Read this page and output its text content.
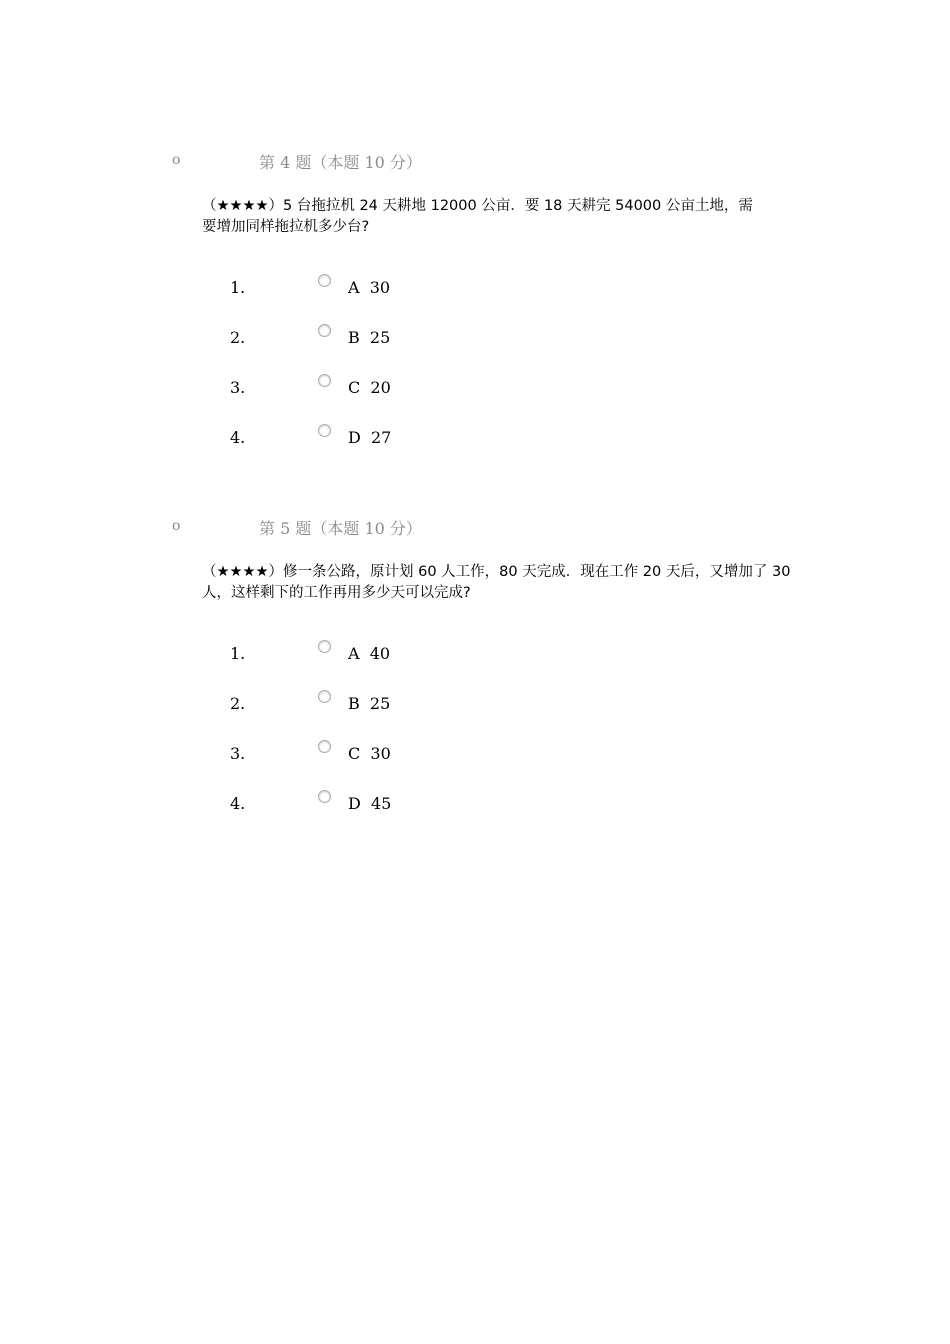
o	第 4 题（本题 10 分）
（★★★★）5 台拖拉机 24 天耕地 12000 公亩．要 18 天耕完 54000 公亩土地，需
要增加同样拖拉机多少台?
1.	A  30
2.	B  25
3.	C  20
4.	D  27
o	第 5 题（本题 10 分）
（★★★★）修一条公路，原计划 60 人工作，80 天完成．现在工作 20 天后，又增加了 30
人，这样剩下的工作再用多少天可以完成?
1.	A  40
2.	B  25
3.	C  30
4.	D  45
